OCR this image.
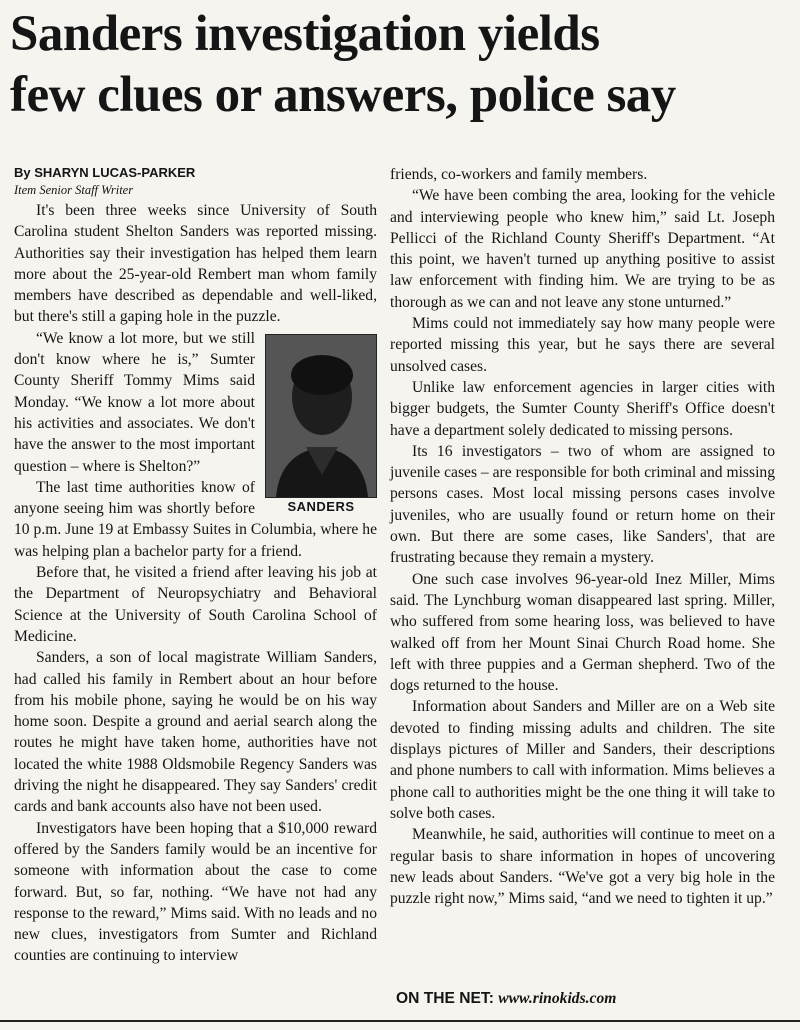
Sanders investigation yields
few clues or answers, police say
By SHARYN LUCAS-PARKER
Item Senior Staff Writer

It's been three weeks since University of South Carolina student Shelton Sanders was reported missing. Authorities say their investigation has helped them learn more about the 25-year-old Rembert man whom family members have described as dependable and well-liked, but there's still a gaping hole in the puzzle.

SANDERS

“We know a lot more, but we still don't know where he is,” Sumter County Sheriff Tommy Mims said Monday. “We know a lot more about his activities and associates. We don't have the answer to the most important question – where is Shelton?”

The last time authorities know of anyone seeing him was shortly before 10 p.m. June 19 at Embassy Suites in Columbia, where he was helping plan a bachelor party for a friend.

Before that, he visited a friend after leaving his job at the Department of Neuropsychiatry and Behavioral Science at the University of South Carolina School of Medicine.

Sanders, a son of local magistrate William Sanders, had called his family in Rembert about an hour before from his mobile phone, saying he would be on his way home soon. Despite a ground and aerial search along the routes he might have taken home, authorities have not located the white 1988 Oldsmobile Regency Sanders was driving the night he disappeared. They say Sanders' credit cards and bank accounts also have not been used.

Investigators have been hoping that a $10,000 reward offered by the Sanders family would be an incentive for someone with information about the case to come forward. But, so far, nothing. “We have not had any response to the reward,” Mims said. With no leads and no new clues, investigators from Sumter and Richland counties are continuing to interview

friends, co-workers and family members.

“We have been combing the area, looking for the vehicle and interviewing people who knew him,” said Lt. Joseph Pellicci of the Richland County Sheriff's Department. “At this point, we haven't turned up anything positive to assist law enforcement with finding him. We are trying to be as thorough as we can and not leave any stone unturned.”

Mims could not immediately say how many people were reported missing this year, but he says there are several unsolved cases.

Unlike law enforcement agencies in larger cities with bigger budgets, the Sumter County Sheriff's Office doesn't have a department solely dedicated to missing persons.

Its 16 investigators – two of whom are assigned to juvenile cases – are responsible for both criminal and missing persons cases. Most local missing persons cases involve juveniles, who are usually found or return home on their own. But there are some cases, like Sanders', that are frustrating because they remain a mystery.

One such case involves 96-year-old Inez Miller, Mims said. The Lynchburg woman disappeared last spring. Miller, who suffered from some hearing loss, was believed to have walked off from her Mount Sinai Church Road home. She left with three puppies and a German shepherd. Two of the dogs returned to the house.

Information about Sanders and Miller are on a Web site devoted to finding missing adults and children. The site displays pictures of Miller and Sanders, their descriptions and phone numbers to call with information. Mims believes a phone call to authorities might be the one thing it will take to solve both cases.

Meanwhile, he said, authorities will continue to meet on a regular basis to share information in hopes of uncovering new leads about Sanders. “We've got a very big hole in the puzzle right now,” Mims said, “and we need to tighten it up.”

ON THE NET: www.rinokids.com
